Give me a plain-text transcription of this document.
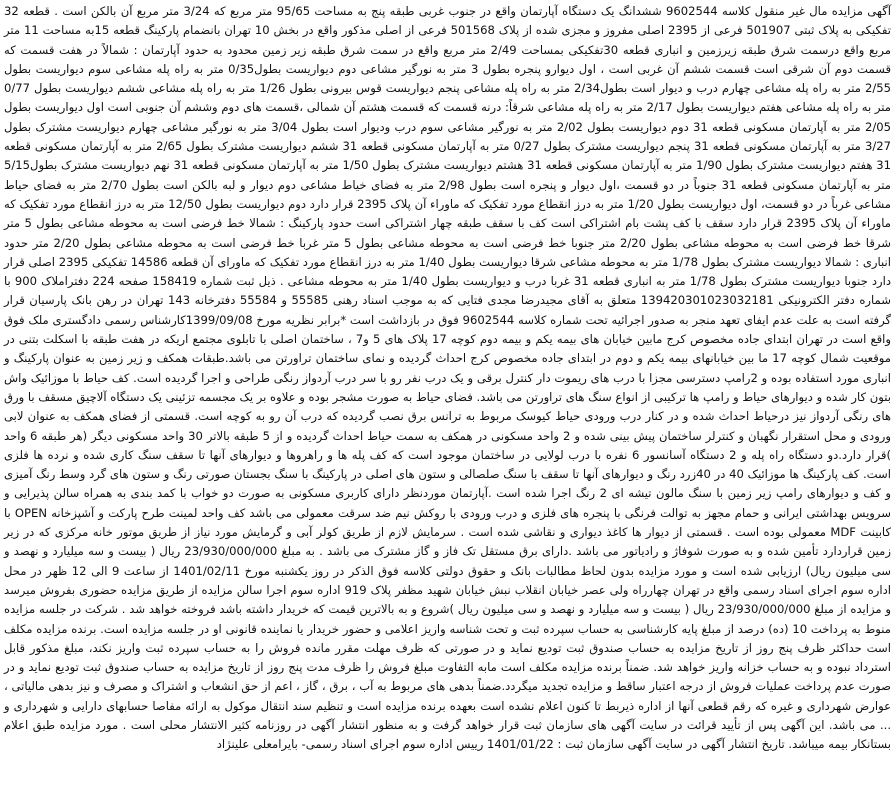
آگهی مزایده مال غیر منقول کلاسه 9602544 ششدانگ یک دستگاه آپارتمان واقع در جنوب غربی طبقه پنج به مساحت 95/65 متر مربع که 3/24 متر مربع آن بالکن است . قطعه 32 تفکیکی به پلاک ثبتی 501907 فرعی از 2395 اصلی مفروز و مجزی شده از پلاک 501568 فرعی از اصلی مذکور واقع در بخش 10 تهران بانضمام پارکینگ قطعه 15به مساحت 11 متر مربع واقع درسمت شرق طبقه زیرزمین و انباری قطعه 30تفکیکی بمساحت 2/49 متر مربع واقع در سمت شرق طبقه زیر زمین محدود به حدود آپارتمان : شمالاً در هفت قسمت که قسمت دوم آن شرقی است قسمت ششم آن غربی است ، اول دیوارو پنجره بطول 3 متر به نورگیر مشاعی دوم دیواریست بطول0/35 متر به راه پله مشاعی سوم دیواریست بطول 2/55 متر به راه پله مشاعی چهارم درب و دیوار است بطول2/34 متر به راه پله مشاعی پنجم دیواریست قوس بیرونی بطول 1/26 متر به راه پله مشاعی ششم دیواریست بطول 0/77 متر به راه پله مشاعی هفتم دیواریست بطول 2/17 متر به راه پله مشاعی شرقاً: درنه قسمت که قسمت هشتم آن شمالی ،قسمت های دوم وششم آن جنوبی است اول دیواریست بطول 2/05 متر به آپارتمان مسکونی قطعه 31 دوم دیواریست بطول 2/02 متر به نورگیر مشاعی سوم درب ودیوار است بطول 3/04 متر به نورگیر مشاعی چهارم دیواریست مشترک بطول 3/27 متر به آپارتمان مسکونی قطعه 31 پنجم دیواریست مشترک بطول 0/27 متر به آپارتمان مسکونی قطعه 31 ششم دیواریست مشترک بطول 2/65 متر به آپارتمان مسکونی قطعه 31 هفتم دیواریست مشترک بطول 1/90 متر به آپارتمان مسکونی قطعه 31 هشتم دیواریست مشترک بطول 1/50 متر به آپارتمان مسکونی قطعه 31 نهم دیواریست مشترک بطول5/15 متر به آپارتمان مسکونی قطعه 31 جنوباً در دو قسمت ،اول دیوار و پنجره است بطول 2/98 متر به فضای خیاط مشاعی دوم دیوار و لبه بالکن است بطول 2/70 متر به فضای حیاط مشاعی غرباً در دو قسمت، اول دیواریست بطول 1/20 متر به درز انقطاع مورد تفکیک که ماوراء آن پلاک 2395 قرار دارد دوم دیواریست بطول 12/50 متر به درز انقطاع مورد تفکیک که ماوراء آن پلاک 2395 قرار دارد سقف با کف پشت بام اشتراکی است کف با سقف طبقه چهار اشتراکی است حدود پارکینگ : شمالا خط فرضی است به محوطه مشاعی بطول 5 متر شرقا خط فرضی است به محوطه مشاعی بطول 2/20 متر جنوبا خط فرضی است به محوطه مشاعی بطول 5 متر غربا خط فرضی است به محوطه مشاعی بطول 2/20 متر حدود انباری : شمالا دیواریست مشترک بطول 1/78 متر به محوطه مشاعی شرقا دیواریست بطول 1/40 متر به درز انقطاع مورد تفکیک که ماورای آن قطعه 14586 تفکیکی 2395 اصلی قرار دارد جنوبا دیواریست مشترک بطول 1/78 متر به انباری قطعه 31 غربا درب و دیواریست بطول 1/40 متر به محوطه مشاعی . ذیل ثبت شماره 158419 صفحه 224 دفتراملاک 900 با شماره دفتر الکترونیکی 139420301023032181 متعلق به آقای مجیدرضا مجدی فتایی که به موجب اسناد رهنی 55585 و 55584 دفترخانه 143 تهران در رهن بانک پارسیان قرار گرفته است به علت عدم ایفای تعهد منجر به صدور اجرائیه تحت شماره کلاسه 9602544 فوق در بازداشت است *برابر نظریه مورخ 1399/09/08کارشناس رسمی دادگستری ملک فوق واقع است در تهران ابتدای جاده مخصوص کرج مابین خیابان های بیمه یکم و بیمه دوم کوچه 17 پلاک های 5 و7 ، ساختمان اصلی با تابلوی مجتمع اریکه در هفت طبقه با اسکلت بتنی در موقعیت شمال کوچه 17 ما بین خیابانهای بیمه یکم و دوم در ابتدای جاده مخصوص کرج احداث گردیده و نمای ساختمان تراورتن می باشد.طبقات همکف و زیر زمین به عنوان پارکینگ و انباری مورد استفاده بوده و 2رامپ دسترسی مجزا با درب های ریموت دار کنترل برقی و یک درب نفر رو با سر درب آردواز رنگی طراحی و اجرا گردیده است. کف حیاط با موزائیک واش بتون کار شده و دیوارهای حیاط و رامپ ها ترکیبی از انواع سنگ های تراورتن می باشد. فضای حیاط به صورت مشجر بوده و علاوه بر یک مجسمه تزئینی یک دستگاه آلاچیق مسقف با ورق های رنگی آردواز نیز درحیاط احداث شده و در کنار درب ورودی حیاط کیوسک مربوط به ترانس برق نصب گردیده که درب آن رو به کوچه است. قسمتی از فضای همکف به عنوان لابی ورودی و محل استقرار نگهبان و کنترلر ساختمان پیش بینی شده و 2 واحد مسکونی در همکف به سمت حیاط احداث گردیده و از 5 طبقه بالاتر 30 واحد مسکونی دیگر (هر طبقه 6 واحد )قرار دارد.دو دستگاه راه پله و 2 دستگاه آسانسور 6 نفره با درب لولایی در ساختمان موجود است که کف پله ها و راهروها و دیوارهای آنها تا سقف سنگ کاری شده و نرده ها فلزی است. کف پارکینگ ها موزائیک 40 در 40زرد رنگ و دیوارهای آنها تا سقف با سنگ صلصالی و ستون های اصلی در پارکینگ با سنگ بجستان صورتی رنگ و ستون های گرد وسط رنگ آمیزی و کف و دیوارهای رامپ زیر زمین با سنگ مالون تیشه ای 2 رنگ اجرا شده است .آپارتمان موردنظر دارای کاربری مسکونی به صورت دو خواب با کمد بندی به همراه سالن پذیرایی و سرویس بهداشتی ایرانی و حمام مجهز به توالت فرنگی با پنجره های فلزی و درب ورودی با روکش نیم ضد سرقت معمولی می باشد کف واحد لمینت طرح پارکت و آشپزخانه OPEN با کابینت MDF معمولی بوده است . قسمتی از دیوار ها کاغذ دیواری و نقاشی شده است . سرمایش لازم از طریق کولر آبی و گرمایش مورد نیاز از طریق موتور خانه مرکزی که در زیر زمین قراردارد تأمین شده و به صورت شوفاژ و رادیاتور می باشد .دارای برق مستقل تک فاز و گاز مشترک می باشد . به مبلغ 23/930/000/000 ریال ( بیست و سه میلیارد و نهصد و سی میلیون ریال) ارزیابی شده است و مورد مزایده بدون لحاظ مطالبات بانک و حقوق دولتی کلاسه فوق الذکر در روز یکشنبه مورخ 1401/02/11 از ساعت 9 الی 12 ظهر در محل اداره سوم اجرای اسناد رسمی واقع در تهران چهارراه ولی عصر خیابان انقلاب نبش خیابان شهید مظفر پلاک 919 اداره سوم اجرا سالن مزایده از طریق مزایده حضوری بفروش میرسد و مزایده از مبلغ 23/930/000/000 ریال ( بیست و سه میلیارد و نهصد و سی میلیون ریال )شروع و به بالاترین قیمت که خریدار داشته باشد فروخته خواهد شد . شرکت در جلسه مزایده منوط به پرداخت 10 (ده) درصد از مبلغ پایه کارشناسی به حساب سپرده ثبت و تحت شناسه واریز اعلامی و حضور خریدار یا نماینده قانونی او در جلسه مزایده است. برنده مزایده مکلف است حداکثر ظرف پنج روز از تاریخ مزایده به حساب صندوق ثبت تودیع نماید و در صورتی که ظرف مهلت مقرر مانده فروش را به حساب سپرده ثبت واریز نکند، مبلغ مذکور قابل استرداد نبوده و به حساب خزانه واریز خواهد شد. ضمناً برنده مزایده مکلف است مابه التفاوت مبلغ فروش را ظرف مدت پنج روز از تاریخ مزایده به حساب صندوق ثبت تودیع نماید و در صورت عدم پرداخت عملیات فروش از درجه اعتبار ساقط و مزایده تجدید میگردد.ضمناً بدهی های مربوط به آب ، برق ، گاز ، اعم از حق انشعاب و اشتراک و مصرف و نیز بدهی مالیاتی ، عوارض شهرداری و غیره که رقم قطعی آنها از اداره ذیربط تا کنون اعلام نشده است بعهده برنده مزایده است و تنظیم سند انتقال موکول به ارائه مفاصا حسابهای دارایی و شهرداری و ... می باشد. این آگهی پس از تأیید قرائت در سایت آگهی های سازمان ثبت قرار خواهد گرفت و به منظور انتشار آگهی در روزنامه کثیر الانتشار محلی است . مورد مزایده طبق اعلام بستانکار بیمه میباشد. تاریخ انتشار آگهی در سایت آگهی سازمان ثبت : 1401/01/22 رییس اداره سوم اجرای اسناد رسمی- بایرامعلی علینژاد
